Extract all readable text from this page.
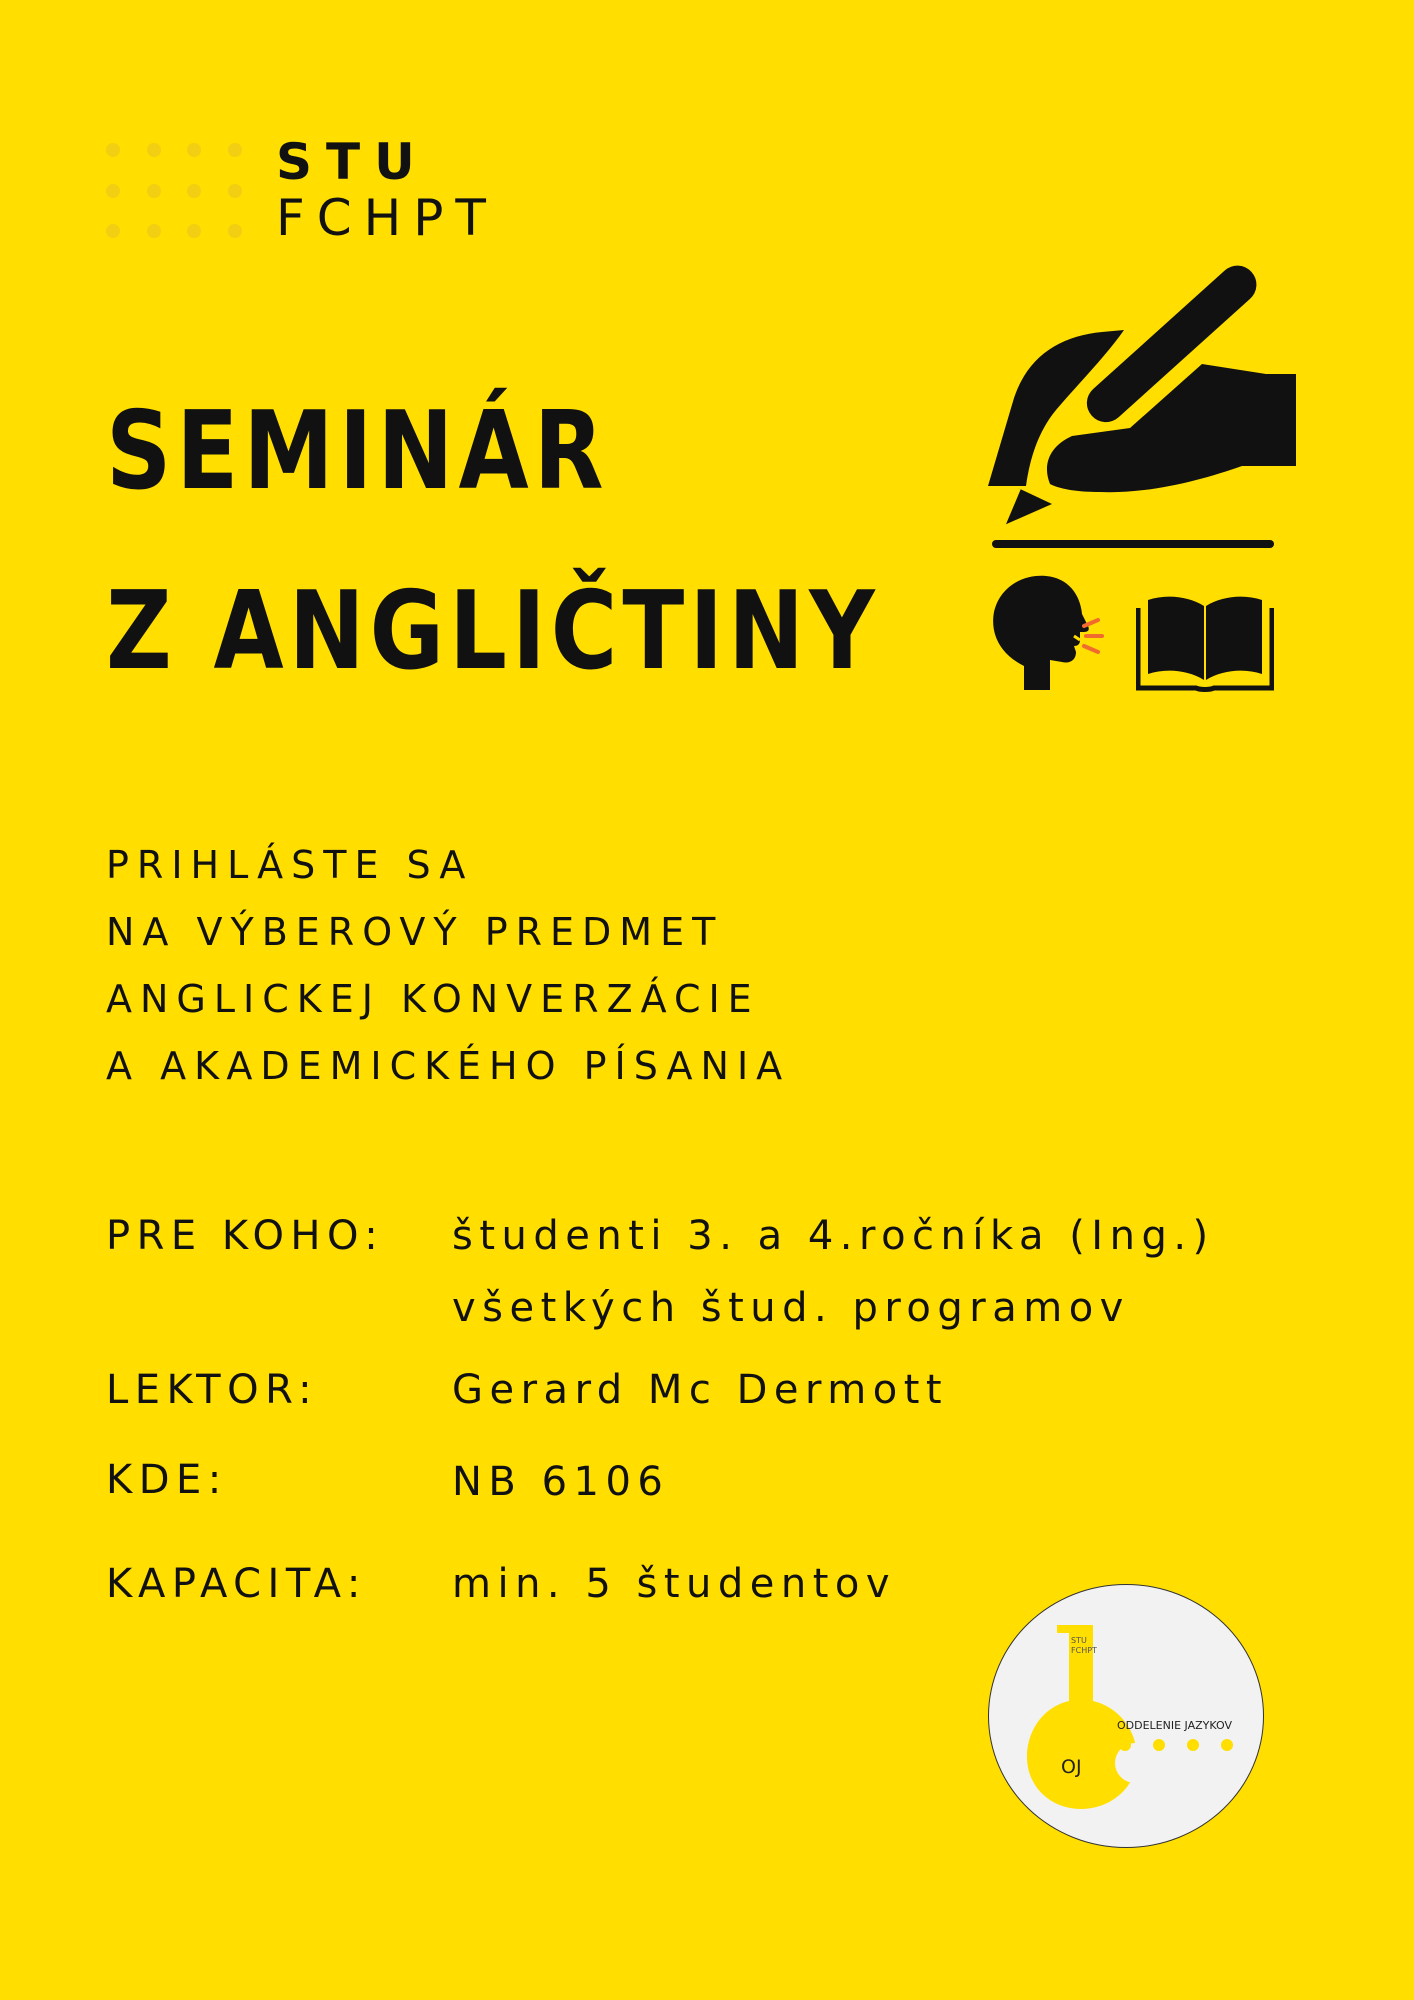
STU
FCHPT
SEMINÁR
Z ANGLIČTINY
PRIHLÁSTE SA
NA VÝBEROVÝ PREDMET
ANGLICKEJ KONVERZÁCIE
A AKADEMICKÉHO PÍSANIA
PRE KOHO: študenti 3. a 4.ročníka (Ing.)
všetkých štud. programov
LEKTOR:	Gerard Mc Dermott
KDE:	NB 6106
KAPACITA: min. 5 študentov
STU
FCHPT
OJ
ODDELENIE JAZYKOV
